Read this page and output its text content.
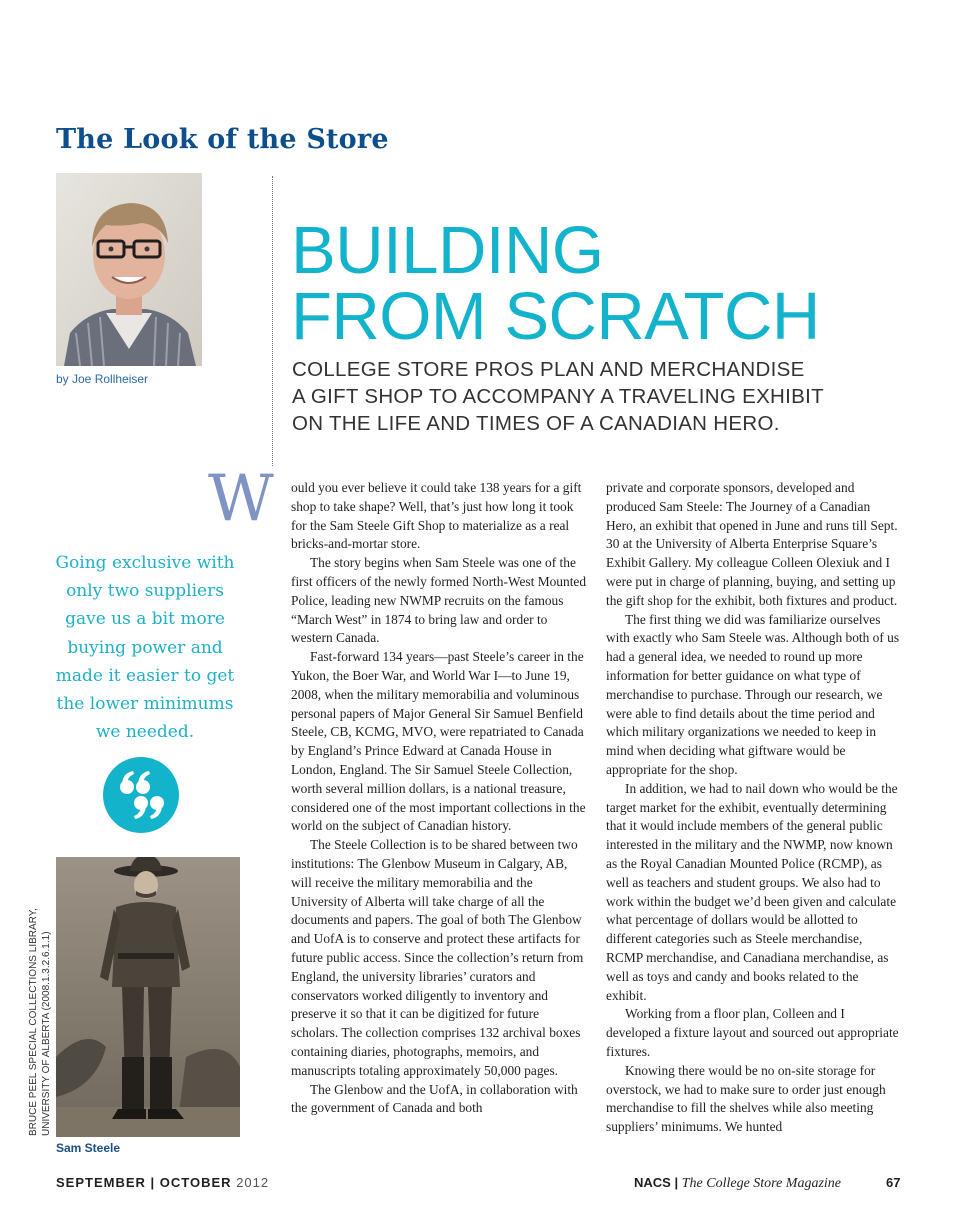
The Look of the Store
by Joe Rollheiser
BUILDING
FROM SCRATCH
COLLEGE STORE PROS PLAN AND MERCHANDISE
A GIFT SHOP TO ACCOMPANY A TRAVELING EXHIBIT
ON THE LIFE AND TIMES OF A CANADIAN HERO.
W ould you ever believe it could take 138 years for a gift shop to take shape? Well, that’s just how long it took for the Sam Steele Gift Shop to materialize as a real bricks-and-mortar store.

The story begins when Sam Steele was one of the first officers of the newly formed North-West Mounted Police, leading new NWMP recruits on the famous “March West” in 1874 to bring law and order to western Canada.

Fast-forward 134 years—past Steele’s career in the Yukon, the Boer War, and World War I—to June 19, 2008, when the military memorabilia and voluminous personal papers of Major General Sir Samuel Benfield Steele, CB, KCMG, MVO, were repatriated to Canada by England’s Prince Edward at Canada House in London, England. The Sir Samuel Steele Collection, worth several million dollars, is a national treasure, considered one of the most important collections in the world on the subject of Canadian history.

The Steele Collection is to be shared between two institutions: The Glenbow Museum in Calgary, AB, will receive the military memorabilia and the University of Alberta will take charge of all the documents and papers. The goal of both The Glenbow and UofA is to conserve and protect these artifacts for future public access. Since the collection’s return from England, the university libraries’ curators and conservators worked diligently to inventory and preserve it so that it can be digitized for future scholars. The collection comprises 132 archival boxes containing diaries, photographs, memoirs, and manuscripts totaling approximately 50,000 pages.

The Glenbow and the UofA, in collaboration with the government of Canada and both

private and corporate sponsors, developed and produced Sam Steele: The Journey of a Canadian Hero, an exhibit that opened in June and runs till Sept. 30 at the University of Alberta Enterprise Square’s Exhibit Gallery. My colleague Colleen Olexiuk and I were put in charge of planning, buying, and setting up the gift shop for the exhibit, both fixtures and product.

The first thing we did was familiarize ourselves with exactly who Sam Steele was. Although both of us had a general idea, we needed to round up more information for better guidance on what type of merchandise to purchase. Through our research, we were able to find details about the time period and which military organizations we needed to keep in mind when deciding what giftware would be appropriate for the shop.

In addition, we had to nail down who would be the target market for the exhibit, eventually determining that it would include members of the general public interested in the military and the NWMP, now known as the Royal Canadian Mounted Police (RCMP), as well as teachers and student groups. We also had to work within the budget we’d been given and calculate what percentage of dollars would be allotted to different categories such as Steele merchandise, RCMP merchandise, and Canadiana merchandise, as well as toys and candy and books related to the exhibit.

Working from a floor plan, Colleen and I developed a fixture layout and sourced out appropriate fixtures.

Knowing there would be no on-site storage for overstock, we had to make sure to order just enough merchandise to fill the shelves while also meeting suppliers’ minimums. We hunted

Going exclusive with only two suppliers gave us a bit more buying power and made it easier to get the lower minimums we needed.
BRUCE PEEL SPECIAL COLLECTIONS LIBRARY, UNIVERSITY OF ALBERTA (2008.1.3.2.6.1.1)
Sam Steele
SEPTEMBER | OCTOBER 2012	NACS | The College Store Magazine	67
